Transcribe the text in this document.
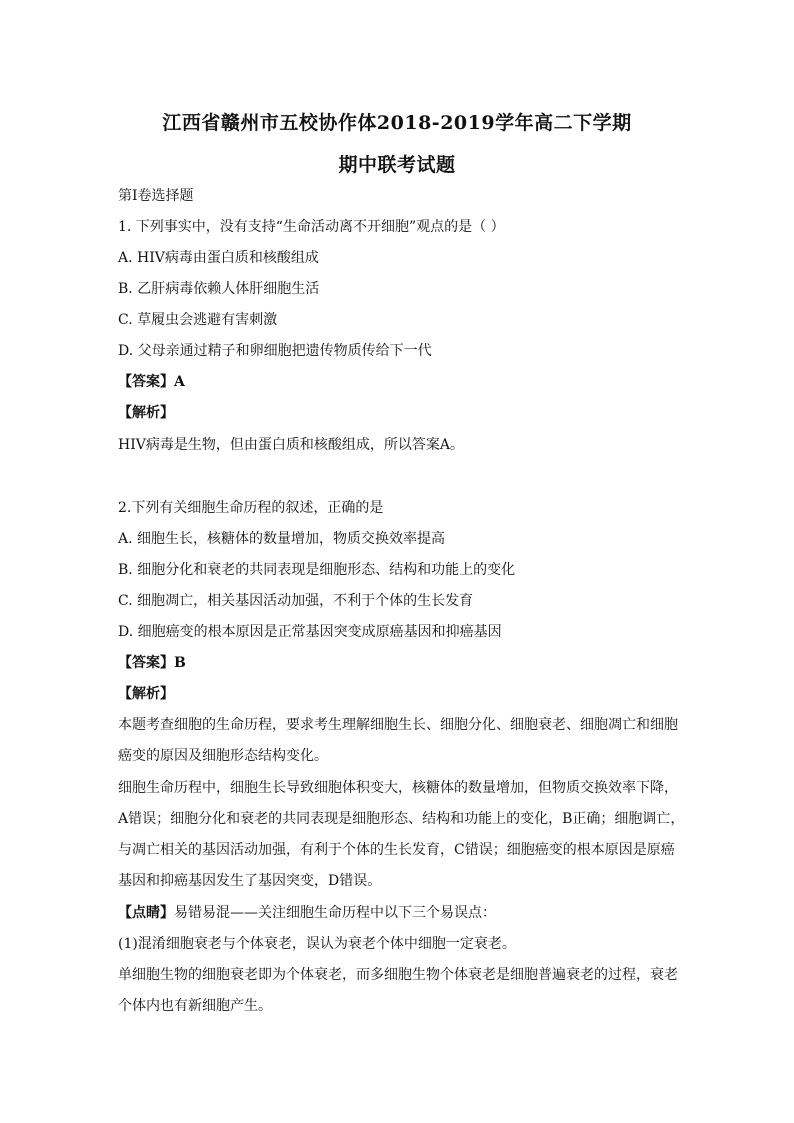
江西省赣州市五校协作体2018-2019学年高二下学期
期中联考试题
第Ⅰ卷选择题
1. 下列事实中，没有支持“生命活动离不开细胞”观点的是（ ）
A. HIV病毒由蛋白质和核酸组成
B. 乙肝病毒依赖人体肝细胞生活
C. 草履虫会逃避有害刺激
D. 父母亲通过精子和卵细胞把遗传物质传给下一代
【答案】A
【解析】
HIV病毒是生物，但由蛋白质和核酸组成，所以答案A。
2.下列有关细胞生命历程的叙述，正确的是
A. 细胞生长，核糖体的数量增加，物质交换效率提高
B. 细胞分化和衰老的共同表现是细胞形态、结构和功能上的变化
C. 细胞凋亡，相关基因活动加强，不利于个体的生长发育
D. 细胞癌变的根本原因是正常基因突变成原癌基因和抑癌基因
【答案】B
【解析】
本题考查细胞的生命历程，要求考生理解细胞生长、细胞分化、细胞衰老、细胞凋亡和细胞
癌变的原因及细胞形态结构变化。
细胞生命历程中，细胞生长导致细胞体积变大，核糖体的数量增加，但物质交换效率下降，
A错误；细胞分化和衰老的共同表现是细胞形态、结构和功能上的变化，B正确；细胞调亡，
与凋亡相关的基因活动加强，有利于个体的生长发育，C错误；细胞癌变的根本原因是原癌
基因和抑癌基因发生了基因突变，D错误。
【点睛】易错易混——关注细胞生命历程中以下三个易误点：
(1)混淆细胞衰老与个体衰老，误认为衰老个体中细胞一定衰老。
单细胞生物的细胞衰老即为个体衰老，而多细胞生物个体衰老是细胞普遍衰老的过程，衰老
个体内也有新细胞产生。
